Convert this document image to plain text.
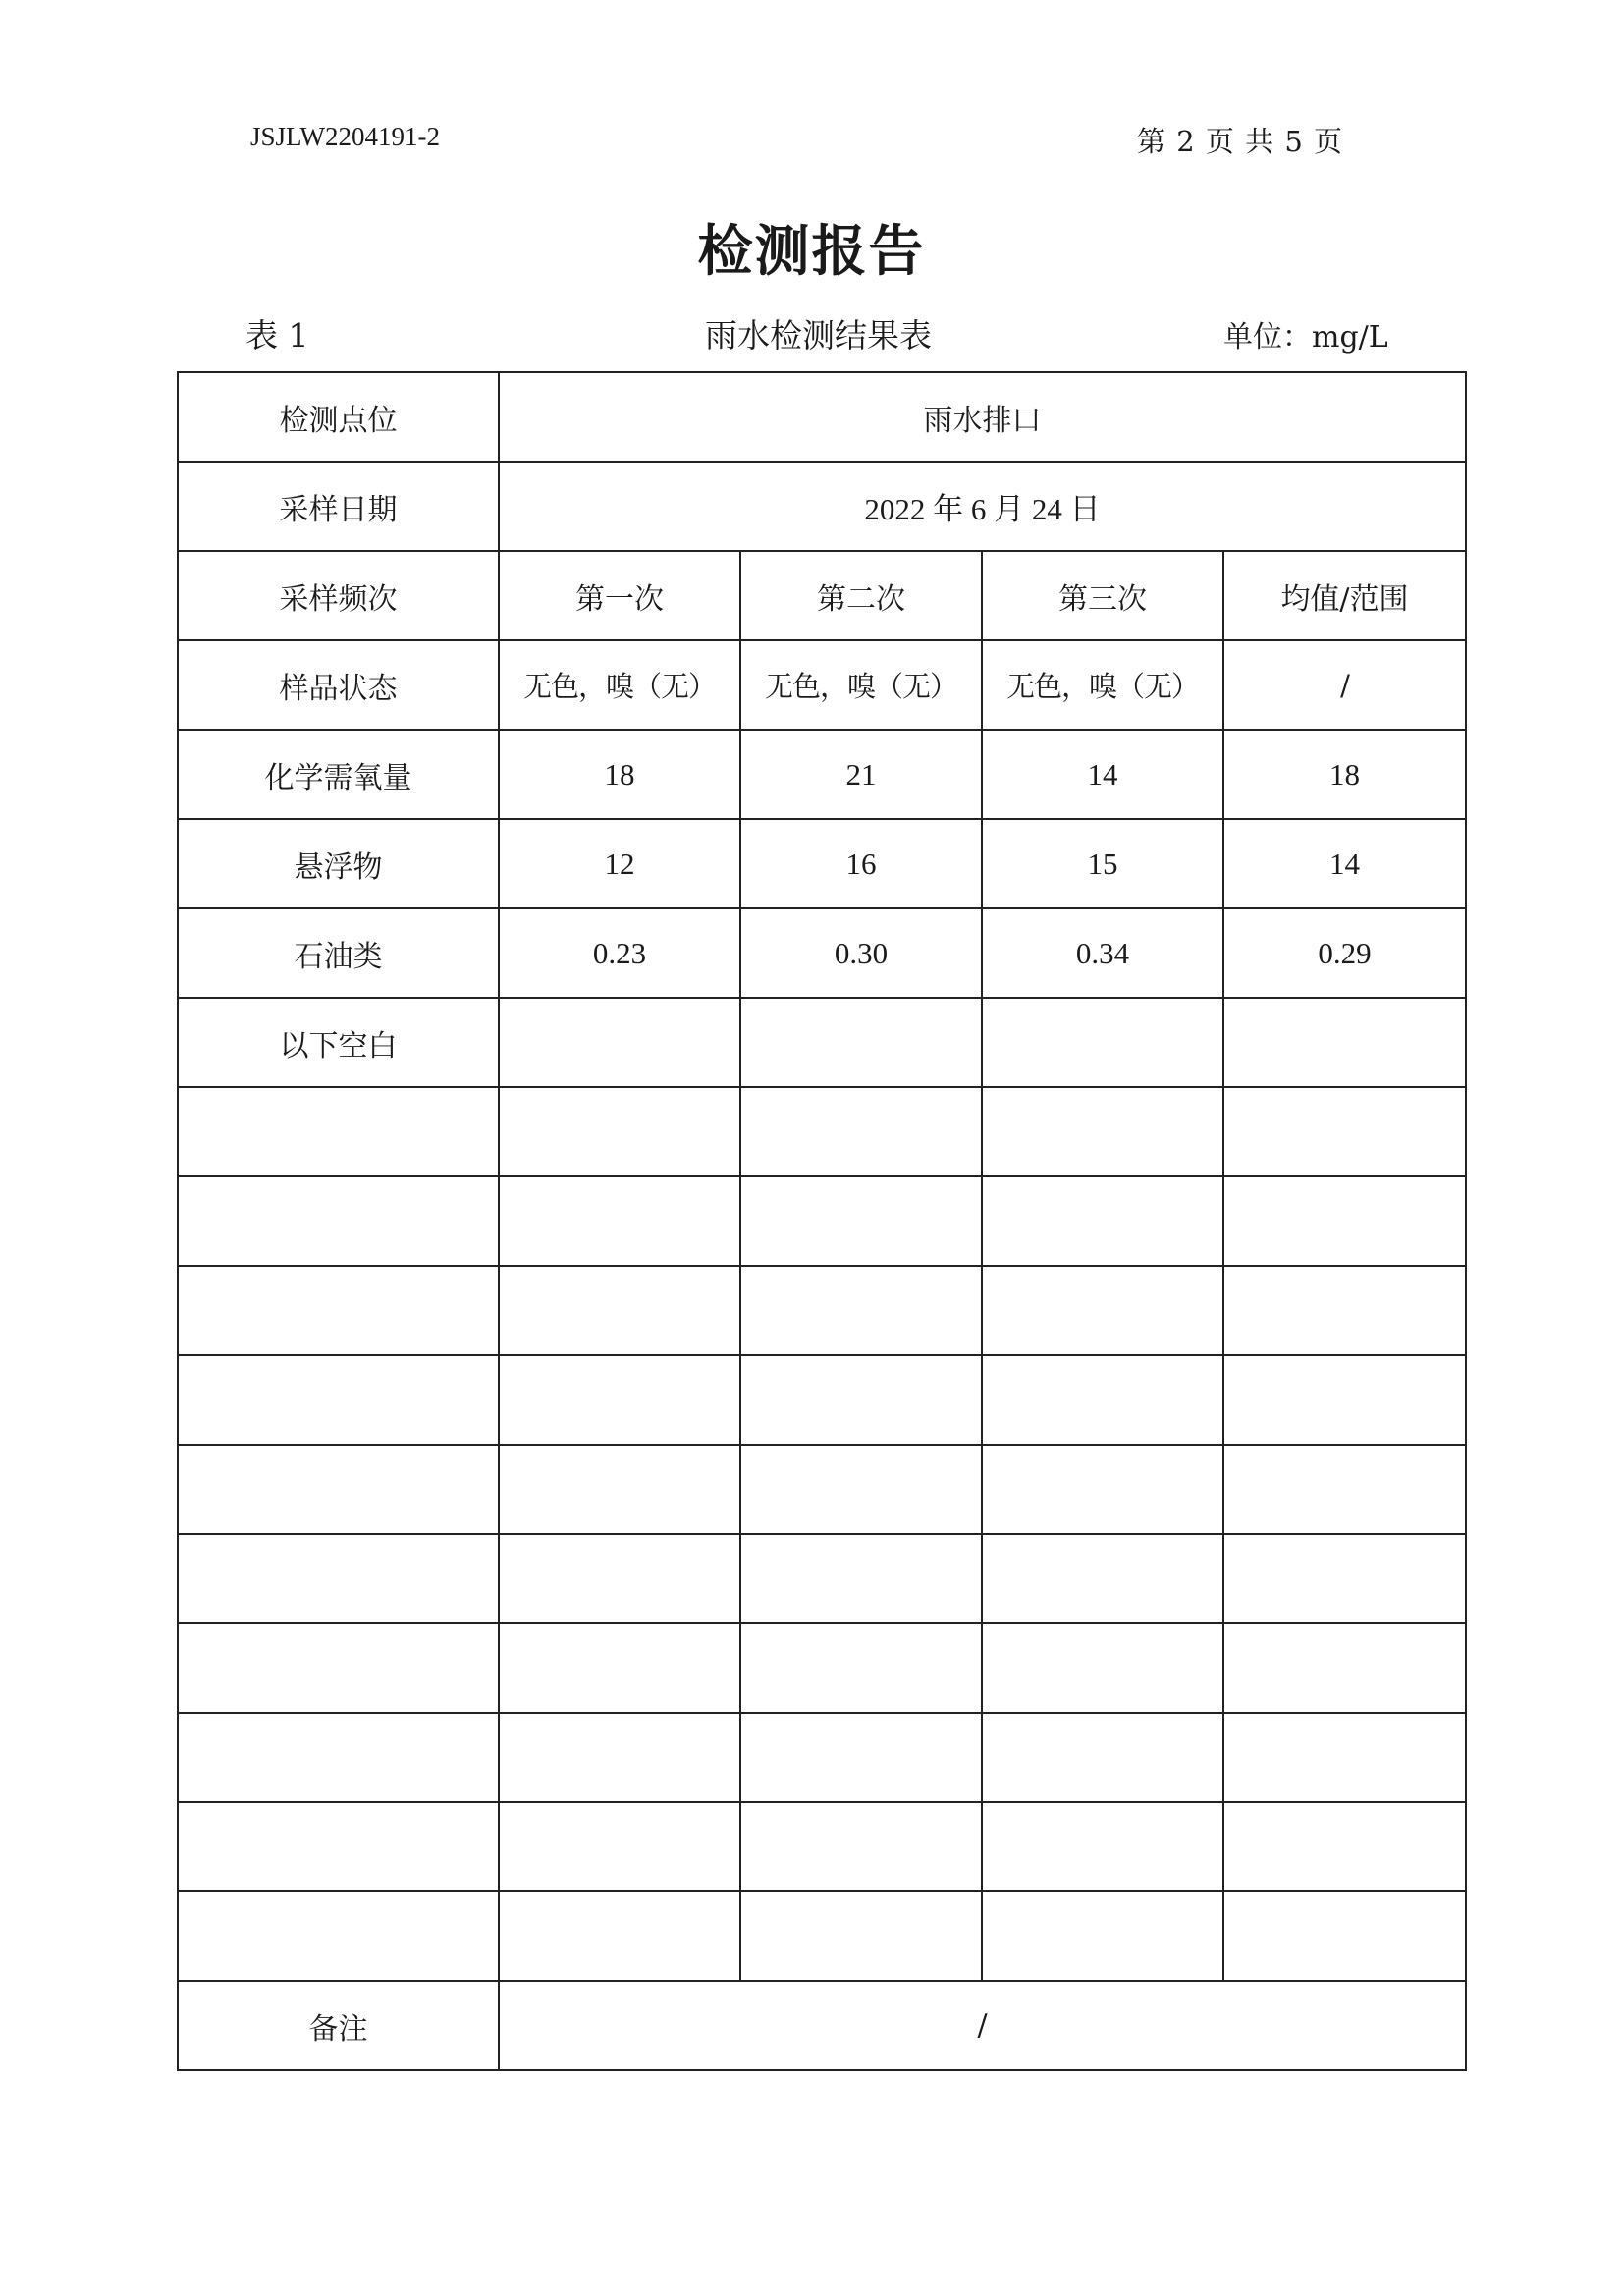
JSJLW2204191-2	第 2 页 共 5 页
检测报告
表 1	雨水检测结果表	单位：mg/L
检测点位	雨水排口			
采样日期	2022 年 6 月 24 日			
采样频次	第一次	第二次	第三次	均值/范围
样品状态	无色，嗅（无）	无色，嗅（无）	无色，嗅（无）	/
化学需氧量	18	21	14	18
悬浮物	12	16	15	14
石油类	0.23	0.30	0.34	0.29
以下空白				

备注	/			
